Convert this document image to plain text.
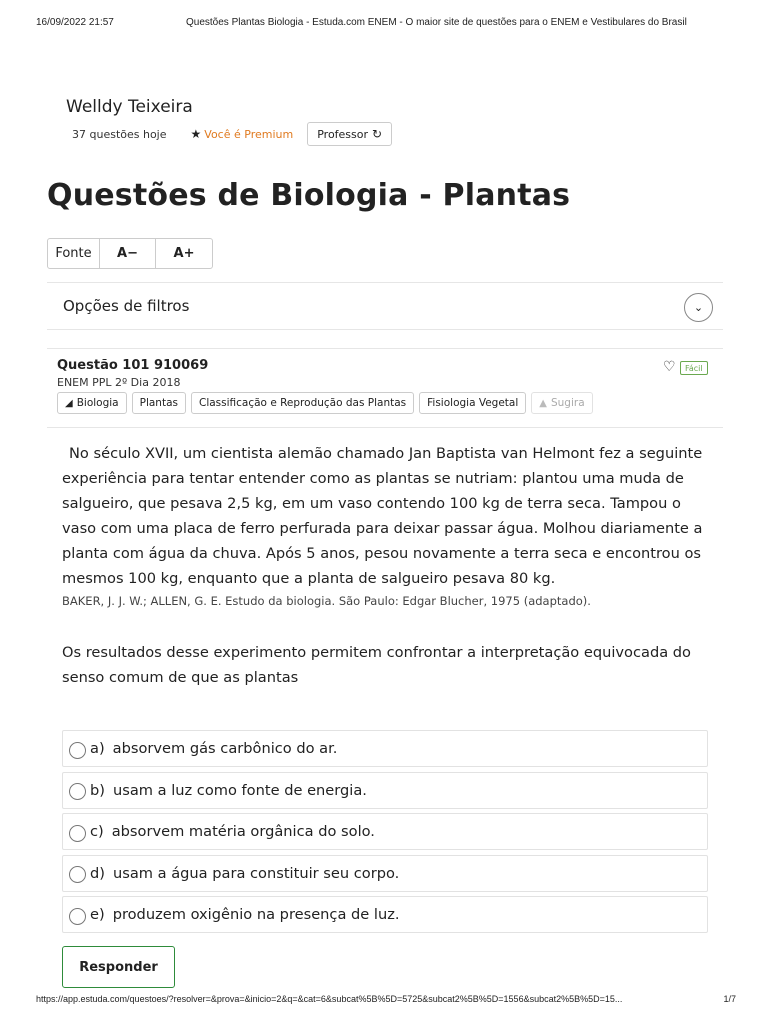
16/09/2022 21:57	Questões Plantas Biologia - Estuda.com ENEM - O maior site de questões para o ENEM e Vestibulares do Brasil
Welldy Teixeira
37 questões hoje ★ Você é Premium Professor ↻
Questões de Biologia - Plantas
Fonte	A−	A+
Opções de filtros	⌄
Questão 101 910069
ENEM PPL 2º Dia 2018
◢ Biologia	Plantas	Classificação e Reprodução das Plantas	Fisiologia Vegetal	▲ Sugira
♡	Fácil

No século XVII, um cientista alemão chamado Jan Baptista van Helmont fez a seguinte experiência para tentar entender como as plantas se nutriam: plantou uma muda de salgueiro, que pesava 2,5 kg, em um vaso contendo 100 kg de terra seca. Tampou o vaso com uma placa de ferro perfurada para deixar passar água. Molhou diariamente a planta com água da chuva. Após 5 anos, pesou novamente a terra seca e encontrou os mesmos 100 kg, enquanto que a planta de salgueiro pesava 80 kg.

BAKER, J. J. W.; ALLEN, G. E. Estudo da biologia. São Paulo: Edgar Blucher, 1975 (adaptado).
Os resultados desse experimento permitem confrontar a interpretação equivocada do senso comum de que as plantas
a) absorvem gás carbônico do ar.
b) usam a luz como fonte de energia.
c) absorvem matéria orgânica do solo.
d) usam a água para constituir seu corpo.
e) produzem oxigênio na presença de luz.
Responder
https://app.estuda.com/questoes/?resolver=&prova=&inicio=2&q=&cat=6&subcat%5B%5D=5725&subcat2%5B%5D=1556&subcat2%5B%5D=15...	1/7
